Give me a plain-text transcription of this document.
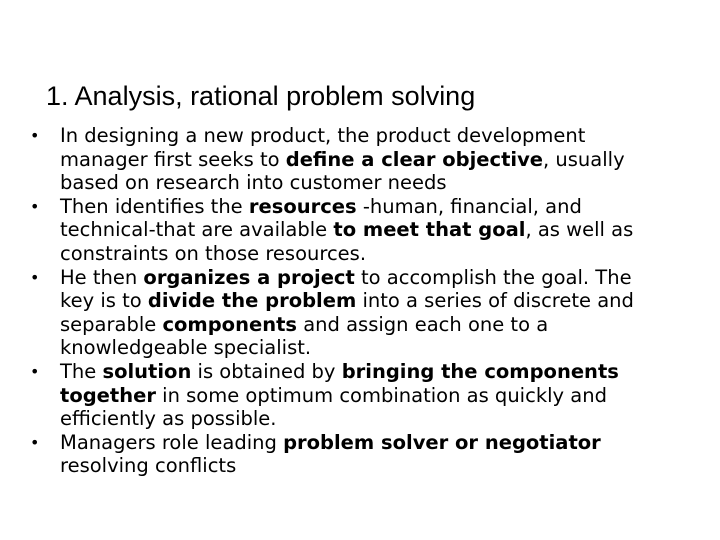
1. Analysis, rational problem solving
•	In designing a new product, the product development manager first seeks to define a clear objective, usually based on research into customer needs
•	Then identifies the resources -human, financial, and technical-that are available to meet that goal, as well as constraints on those resources.
•	He then organizes a project to accomplish the goal. The key is to divide the problem into a series of discrete and separable components and assign each one to a knowledgeable specialist.
•	The solution is obtained by bringing the components together in some optimum combination as quickly and efficiently as possible.
•	Managers role leading problem solver or negotiator resolving conflicts
